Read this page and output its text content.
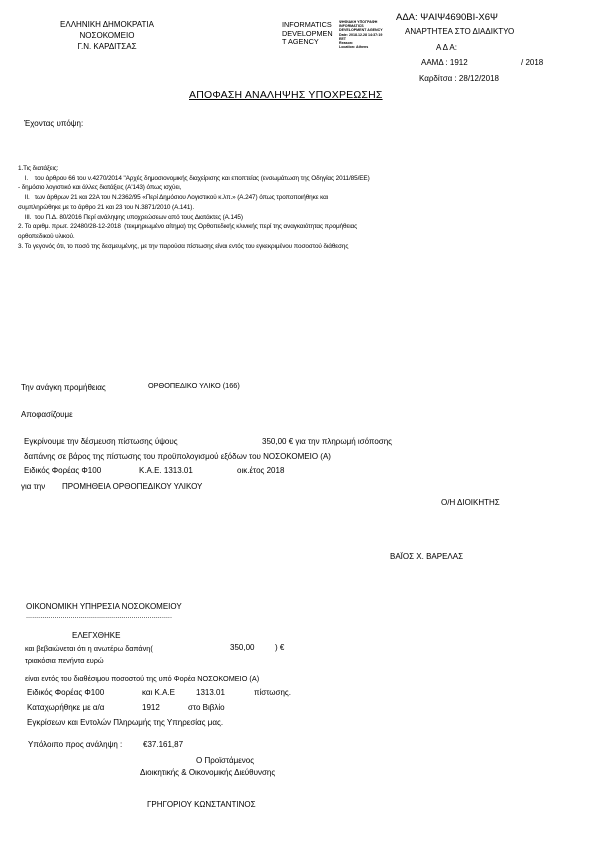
ΕΛΛΗΝΙΚΗ ΔΗΜΟΚΡΑΤΙΑ
ΝΟΣΟΚΟΜΕΙΟ
Γ.Ν. ΚΑΡΔΙΤΣΑΣ
INFORMATICS
DEVELOPMEN
T AGENCY
ΨΗΦΙΑΚΗ ΥΠΟΓΡΑΦΗ
INFORMATICS
DEVELOPMENT AGENCY
Date: 2018.12.28 14:37:19
EET
Reason:
Location: Athens
ΑΔΑ: ΨΑΙΨ4690ΒΙ-Χ6Ψ
ΑΝΑΡΤΗΤΕΑ ΣΤΟ ΔΙΑΔΙΚΤΥΟ
Α Δ Α:
ΑΑΜΔ : 1912	/ 2018
Καρδίτσα : 28/12/2018
ΑΠΟΦΑΣΗ ΑΝΑΛΗΨΗΣ ΥΠΟΧΡΕΩΣΗΣ
Έχοντας υπόψη:
1.Τις διατάξεις:
I.    του άρθρου 66 του ν.4270/2014 "Αρχές δημοσιονομικής διαχείρισης και εποπτείας (ενσωμάτωση της Οδηγίας 2011/85/ΕΕ)
- δημόσιο λογιστικό και άλλες διατάξεις (Α'143) όπως ισχύει,
II.   των άρθρων 21 και 22Α του Ν.2362/95 «Περί Δημόσιου Λογιστικού κ.λπ.» (Α.247) όπως τροποποιήθηκε και
συμπληρώθηκε με το άρθρο 21 και 23 του Ν.3871/2010 (Α.141).
III.  του Π.Δ. 80/2016 Περί ανάληψης υποχρεώσεων από τους Διατάκτες (Α.145)
2. Το αριθμ. πρωτ. 22480/28-12-2018  (τεκμηριωμένο αίτημα) της Ορθοπεδικής κλινικής περί της αναγκαιότητας προμήθειας
ορθοπεδικού υλικού.
3. Το γεγονός ότι, το ποσό της δεσμευμένης, με την παρούσα πίστωσης είναι εντός του εγκεκριμένου ποσοστού διάθεσης
Την ανάγκη προμήθειας	ΟΡΘΟΠΕΔΙΚΟ ΥΛΙΚΟ (166)
Αποφασίζουμε
Εγκρίνουμε την δέσμευση πίστωσης ύψους	350,00 € για την πληρωμή ισόποσης
δαπάνης σε βάρος της πίστωσης του προϋπολογισμού εξόδων του ΝΟΣΟΚΟΜΕΙΟ (Α)
Ειδικός Φορέας Φ100	Κ.Α.Ε. 1313.01	οικ.έτος 2018
για την ΠΡΟΜΗΘΕΙΑ ΟΡΘΟΠΕΔΙΚΟΥ ΥΛΙΚΟΥ
Ο/Η ΔΙΟΙΚΗΤΗΣ
ΒΑΪΟΣ Χ. ΒΑΡΕΛΑΣ
ΟΙΚΟΝΟΜΙΚΗ ΥΠΗΡΕΣΙΑ ΝΟΣΟΚΟΜΕΙΟΥ
........................................................................
ΕΛΕΓΧΘΗΚΕ
και βεβαιώνεται ότι η ανωτέρω δαπάνη(	350,00	) €
τριακόσια πενήντα ευρώ
είναι εντός του διαθέσιμου ποσοστού της υπό Φορέα ΝΟΣΟΚΟΜΕΙΟ (Α)
Ειδικός Φορέας Φ100	και Κ.Α.Ε	1313.01	πίστωσης.
Καταχωρήθηκε με α/α	1912	στο Βιβλίο
Εγκρίσεων και Εντολών Πληρωμής της Υπηρεσίας μας.
Υπόλοιπο προς ανάληψη :	€37.161,87
Ο Προϊστάμενος
Διοικητικής & Οικονομικής Διεύθυνσης
ΓΡΗΓΟΡΙΟΥ ΚΩΝΣΤΑΝΤΙΝΟΣ
